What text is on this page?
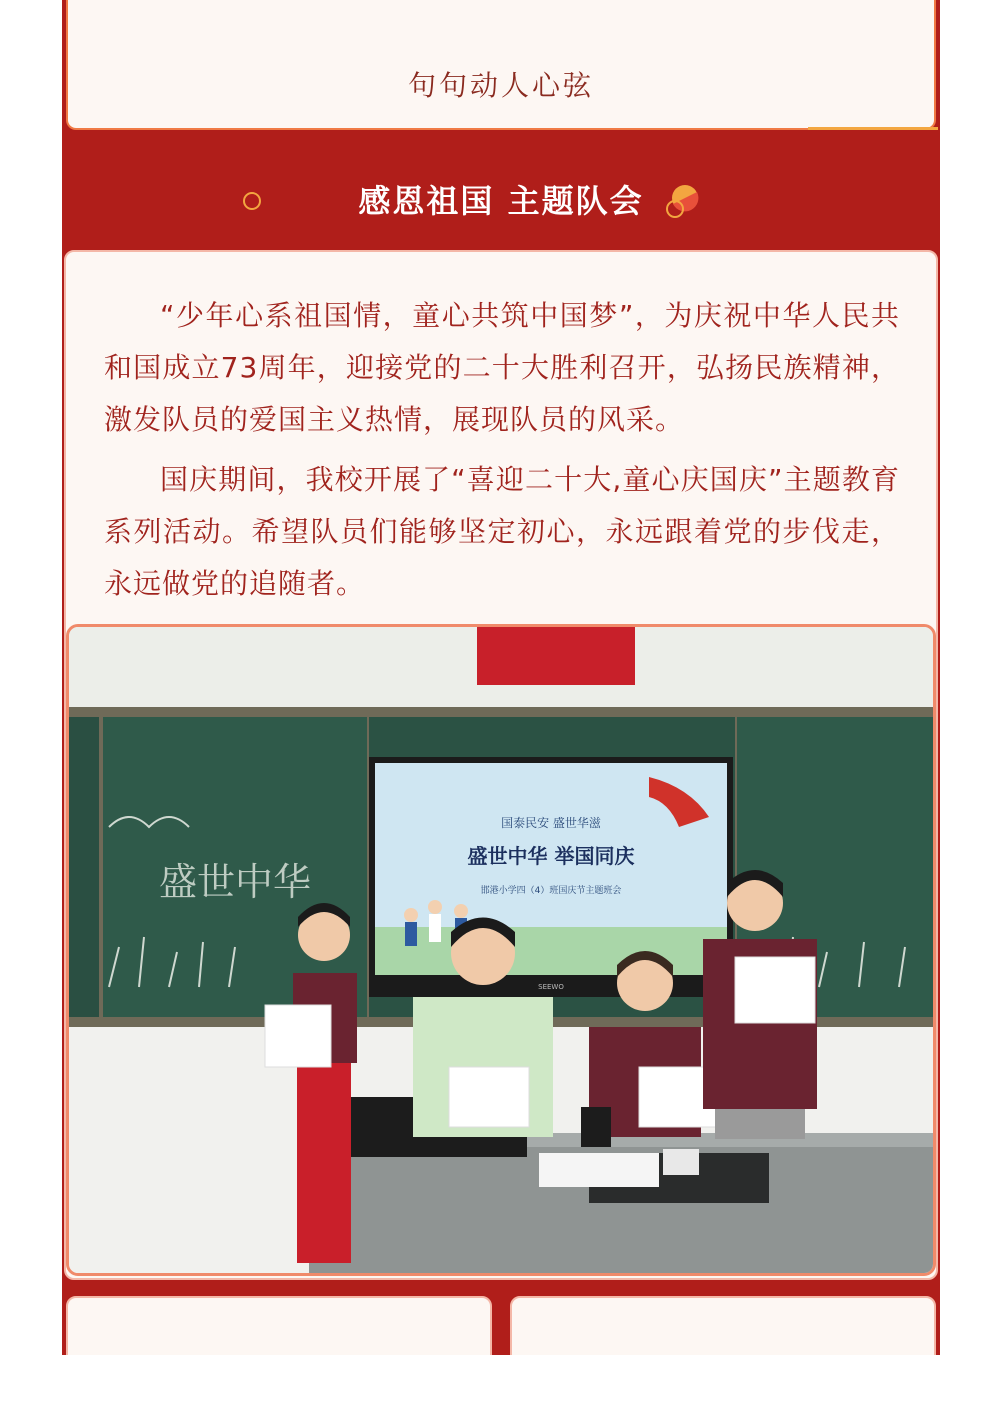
句句动人心弦
感恩祖国 主题队会

“少年心系祖国情，童心共筑中国梦”，为庆祝中华人民共和国成立73周年，迎接党的二十大胜利召开，弘扬民族精神，激发队员的爱国主义热情，展现队员的风采。

国庆期间，我校开展了“喜迎二十大,童心庆国庆”主题教育系列活动。希望队员们能够坚定初心，永远跟着党的步伐走，永远做党的追随者。

国泰民安 盛世华滋
盛世中华 举国同庆
邯港小学四（4）班国庆节主题班会
SEEWO
盛世中华
